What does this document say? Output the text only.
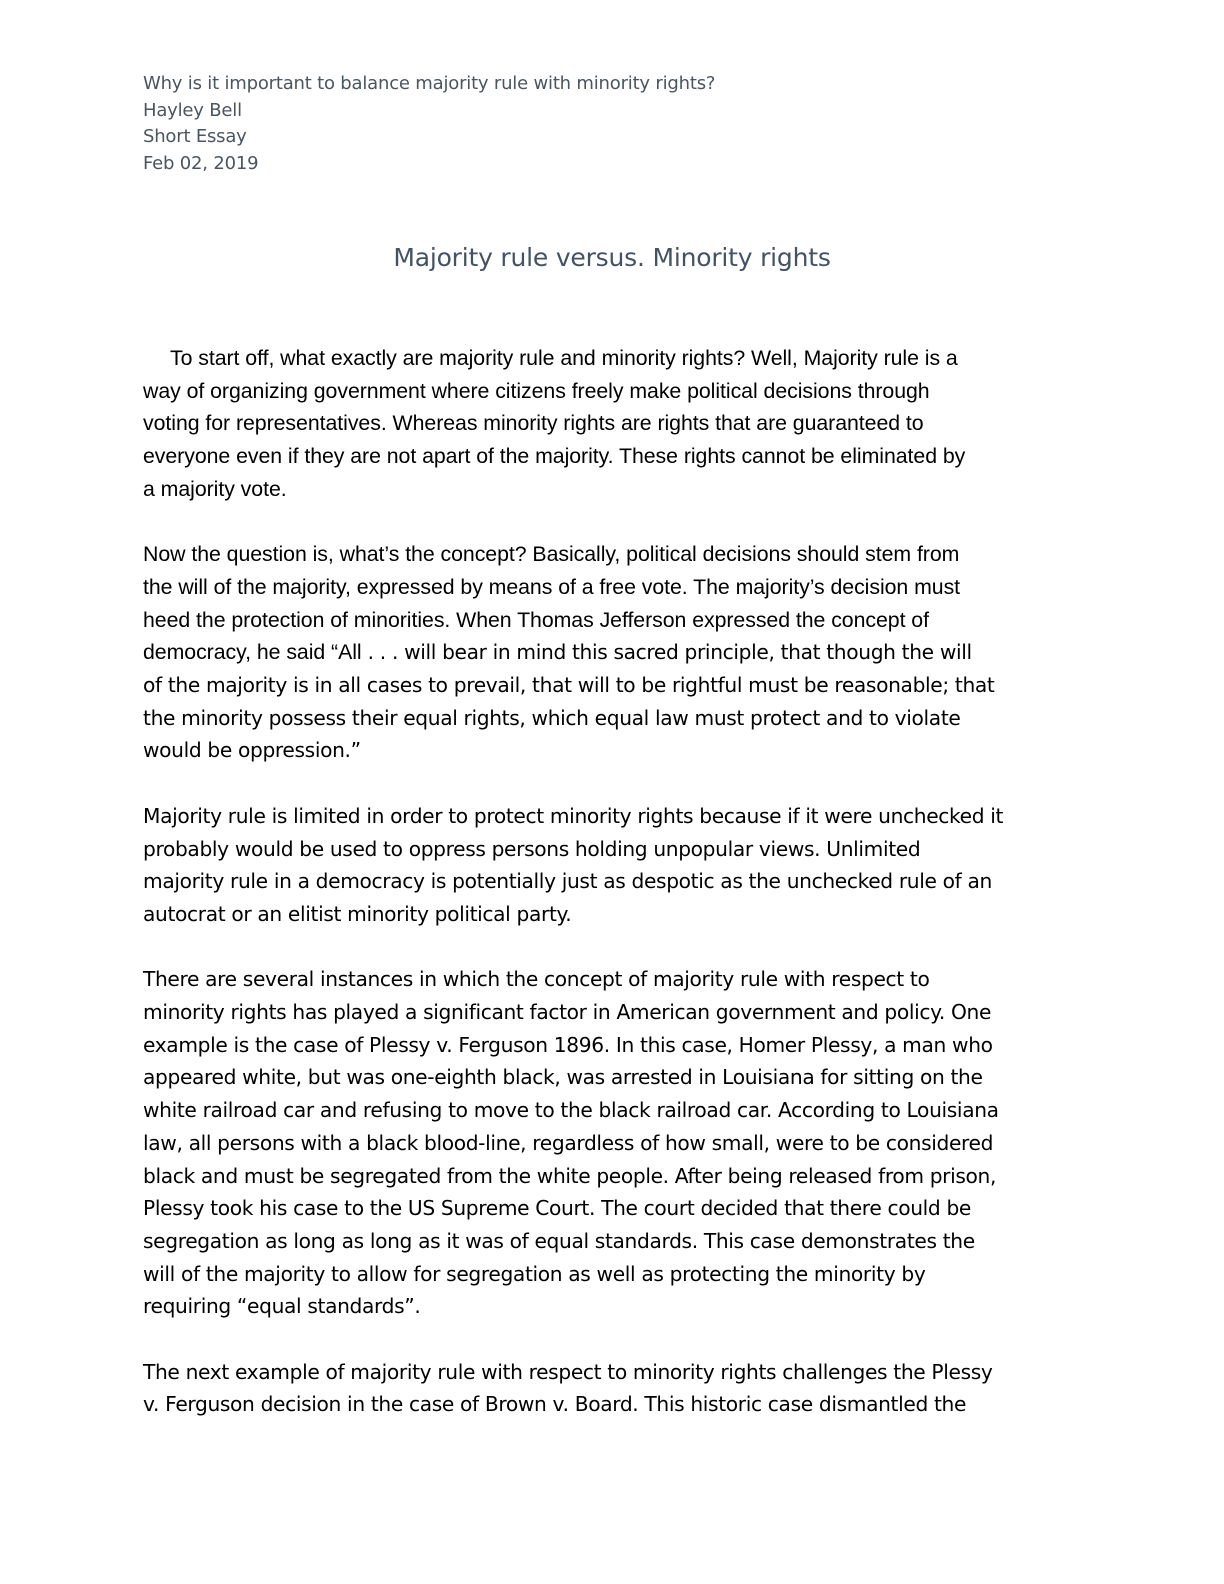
Why is it important to balance majority rule with minority rights?
Hayley Bell
Short Essay
Feb 02, 2019
Majority rule versus. Minority rights
To start off, what exactly are majority rule and minority rights? Well, Majority rule is a
way of organizing government where citizens freely make political decisions through
voting for representatives. Whereas minority rights are rights that are guaranteed to
everyone even if they are not apart of the majority. These rights cannot be eliminated by
a majority vote.
Now the question is, what’s the concept? Basically, political decisions should stem from
the will of the majority, expressed by means of a free vote. The majority’s decision must
heed the protection of minorities. When Thomas Jefferson expressed the concept of
democracy, he said “All . . . will bear in mind this sacred principle, that though the will
of the majority is in all cases to prevail, that will to be rightful must be reasonable; that
the minority possess their equal rights, which equal law must protect and to violate
would be oppression.”
Majority rule is limited in order to protect minority rights because if it were unchecked it
probably would be used to oppress persons holding unpopular views. Unlimited
majority rule in a democracy is potentially just as despotic as the unchecked rule of an
autocrat or an elitist minority political party.
There are several instances in which the concept of majority rule with respect to
minority rights has played a significant factor in American government and policy. One
example is the case of Plessy v. Ferguson 1896. In this case, Homer Plessy, a man who
appeared white, but was one-eighth black, was arrested in Louisiana for sitting on the
white railroad car and refusing to move to the black railroad car. According to Louisiana
law, all persons with a black blood-line, regardless of how small, were to be considered
black and must be segregated from the white people. After being released from prison,
Plessy took his case to the US Supreme Court. The court decided that there could be
segregation as long as long as it was of equal standards. This case demonstrates the
will of the majority to allow for segregation as well as protecting the minority by
requiring “equal standards”.
The next example of majority rule with respect to minority rights challenges the Plessy
v. Ferguson decision in the case of Brown v. Board. This historic case dismantled the
